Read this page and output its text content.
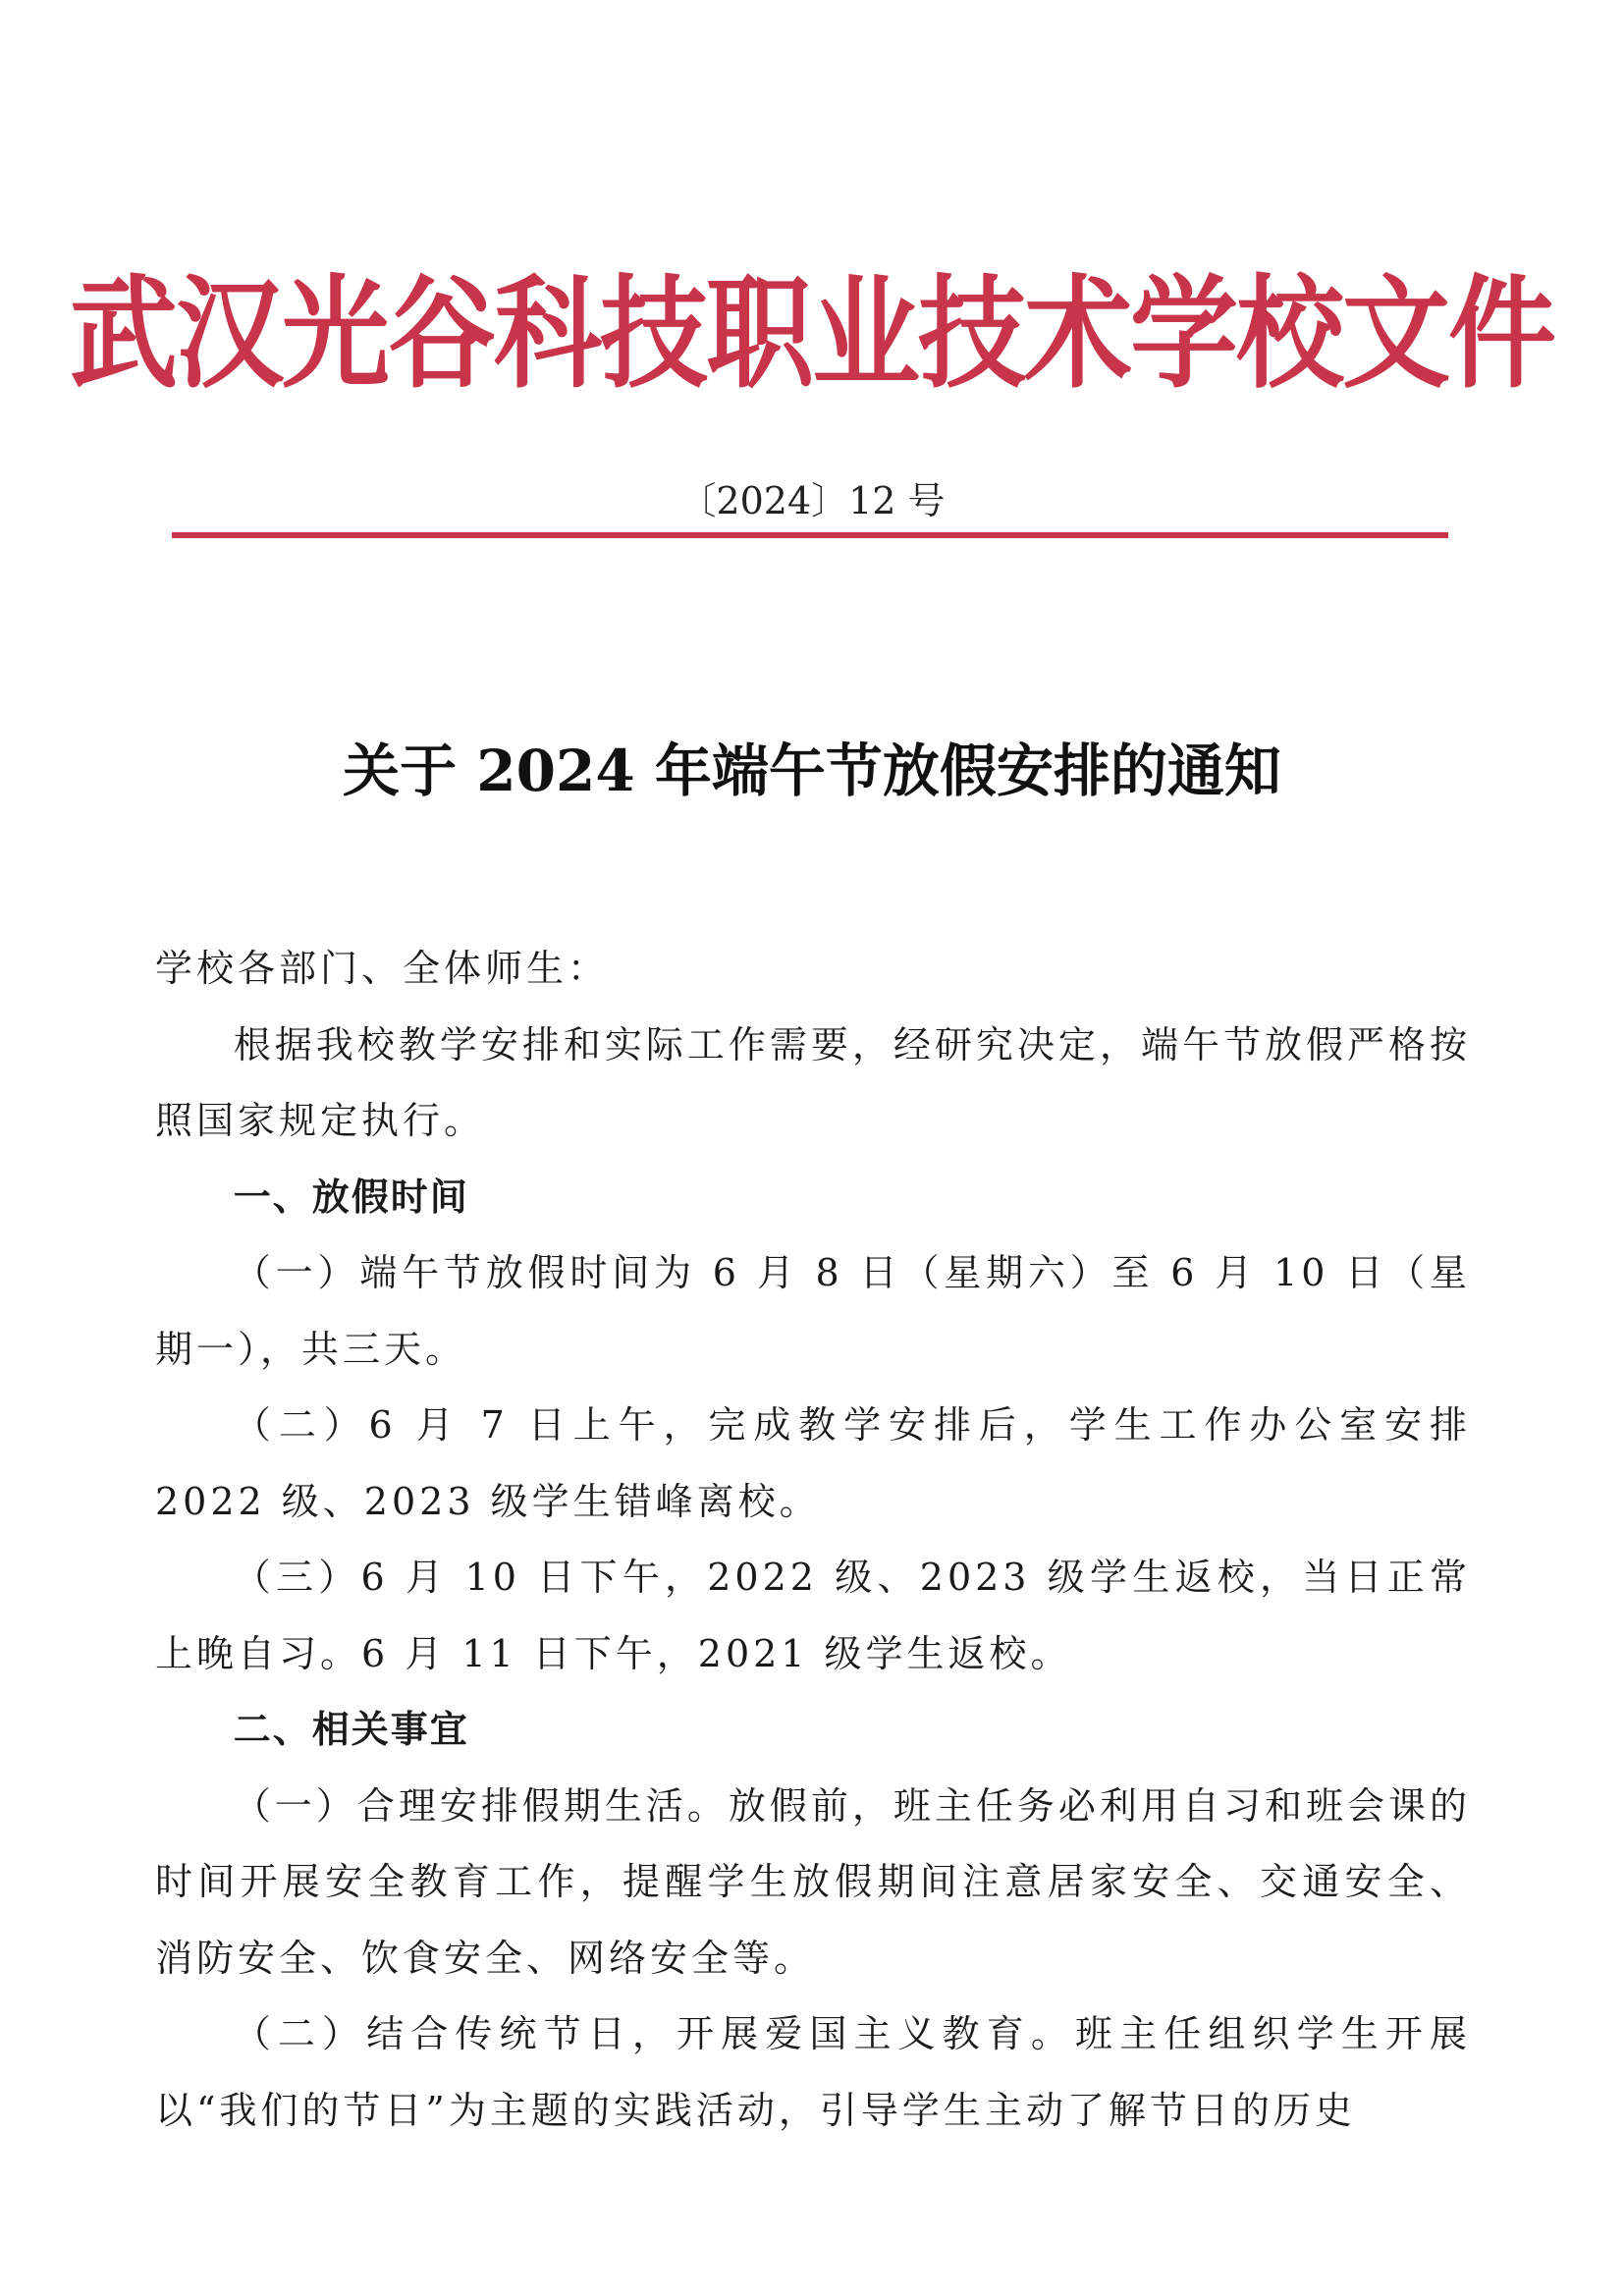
武汉光谷科技职业技术学校文件
〔2024〕12 号
关于 2024 年端午节放假安排的通知

学校各部门、全体师生：

根据我校教学安排和实际工作需要，经研究决定，端午节放假严格按照国家规定执行。

一、放假时间

（一）端午节放假时间为 6 月 8 日（星期六）至 6 月 10 日（星期一），共三天。

（二）6 月 7 日上午，完成教学安排后，学生工作办公室安排 2022 级、2023 级学生错峰离校。

（三）6 月 10 日下午，2022 级、2023 级学生返校，当日正常上晚自习。6 月 11 日下午，2021 级学生返校。

二、相关事宜

（一）合理安排假期生活。放假前，班主任务必利用自习和班会课的时间开展安全教育工作，提醒学生放假期间注意居家安全、交通安全、消防安全、饮食安全、网络安全等。

（二）结合传统节日，开展爱国主义教育。班主任组织学生开展以“我们的节日”为主题的实践活动，引导学生主动了解节日的历史
